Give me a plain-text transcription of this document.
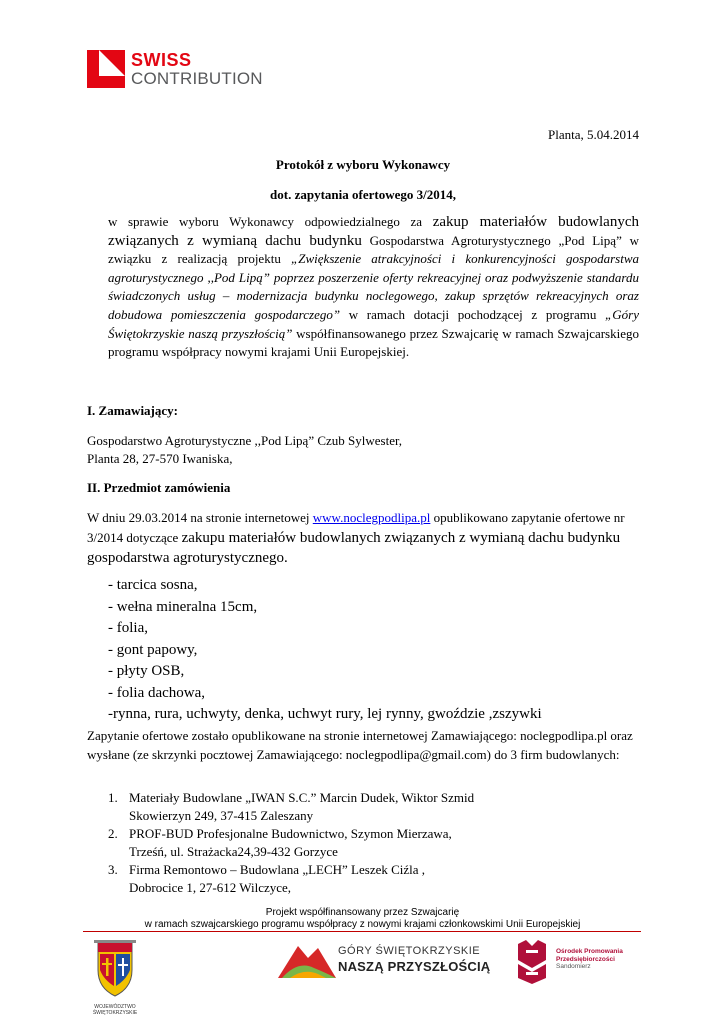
SWISS
CONTRIBUTION
Planta, 5.04.2014
Protokół z wyboru Wykonawcy
dot. zapytania ofertowego 3/2014,
w sprawie wyboru Wykonawcy odpowiedzialnego za zakup materiałów budowlanych związanych z wymianą dachu budynku Gospodarstwa Agroturystycznego „Pod Lipą” w związku z realizacją projektu „Zwiększenie atrakcyjności i konkurencyjności gospodarstwa agroturystycznego ,,Pod Lipą” poprzez poszerzenie oferty rekreacyjnej oraz podwyższenie standardu świadczonych usług – modernizacja budynku noclegowego, zakup sprzętów rekreacyjnych oraz dobudowa pomieszczenia gospodarczego” w ramach dotacji pochodzącej z programu „Góry Świętokrzyskie naszą przyszłością” współfinansowanego przez Szwajcarię w ramach Szwajcarskiego programu współpracy nowymi krajami Unii Europejskiej.
I. Zamawiający:
Gospodarstwo Agroturystyczne ,,Pod Lipą” Czub Sylwester,
Planta 28, 27-570 Iwaniska,
II. Przedmiot zamówienia
W dniu 29.03.2014 na stronie internetowej www.noclegpodlipa.pl opublikowano zapytanie ofertowe nr 3/2014 dotyczące zakupu materiałów budowlanych związanych z wymianą dachu budynku gospodarstwa agroturystycznego.
- tarcica sosna,
- wełna mineralna 15cm,
- folia,
- gont papowy,
- płyty OSB,
- folia dachowa,
-rynna, rura, uchwyty, denka, uchwyt rury, lej rynny, gwoździe ,zszywki
Zapytanie ofertowe zostało opublikowane na stronie internetowej Zamawiającego: noclegpodlipa.pl oraz wysłane (ze skrzynki pocztowej Zamawiającego: noclegpodlipa@gmail.com) do 3 firm budowlanych:
1. Materiały Budowlane „IWAN S.C.” Marcin Dudek, Wiktor Szmid
Skowierzyn 249, 37-415 Zaleszany
2. PROF-BUD Profesjonalne Budownictwo, Szymon Mierzawa,
Trześń, ul. Strażacka24,39-432 Gorzyce
3. Firma Remontowo – Budowlana „LECH” Leszek Ciźla ,
Dobrocice 1, 27-612 Wilczyce,
Projekt współfinansowany przez Szwajcarię
w ramach szwajcarskiego programu współpracy z nowymi krajami członkowskimi Unii Europejskiej
WOJEWÓDZTWO ŚWIĘTOKRZYSKIE
GÓRY ŚWIĘTOKRZYSKIE
NASZĄ PRZYSZŁOŚCIĄ
Ośrodek Promowania
Przedsiębiorczości
Sandomierz
